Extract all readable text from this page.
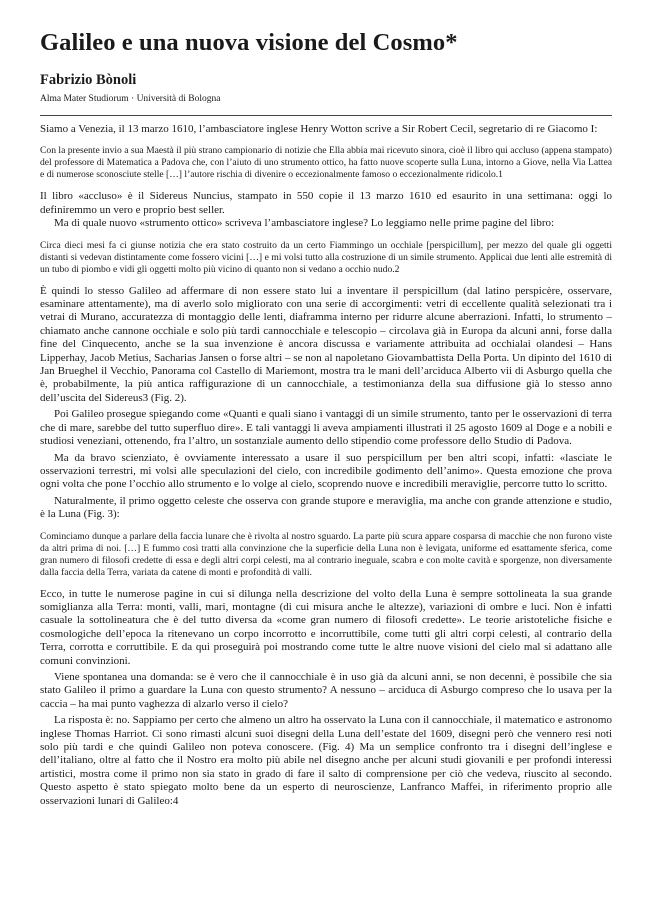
Galileo e una nuova visione del Cosmo*
Fabrizio Bònoli
Alma Mater Studiorum · Università di Bologna

Siamo a Venezia, il 13 marzo 1610, l’ambasciatore inglese Henry Wotton scrive a Sir Robert Cecil, segretario di re Giacomo I:

Con la presente invio a sua Maestà il più strano campionario di notizie che Ella abbia mai ricevuto sinora, cioè il libro qui accluso (appena stampato) del professore di Matematica a Padova che, con l’aiuto di uno strumento ottico, ha fatto nuove scoperte sulla Luna, intorno a Giove, nella Via Lattea e di numerose sconosciute stelle […] l’autore rischia di divenire o eccezionalmente famoso o eccezionalmente ridicolo.1

Il libro «accluso» è il Sidereus Nuncius, stampato in 550 copie il 13 marzo 1610 ed esaurito in una settimana: oggi lo definiremmo un vero e proprio best seller.

Ma di quale nuovo «strumento ottico» scriveva l’ambasciatore inglese? Lo leggiamo nelle prime pagine del libro:

Circa dieci mesi fa ci giunse notizia che era stato costruito da un certo Fiammingo un occhiale [perspicillum], per mezzo del quale gli oggetti distanti si vedevan distintamente come fossero vicini […] e mi volsi tutto alla costruzione di un simile strumento. Applicai due lenti alle estremità di un tubo di piombo e vidi gli oggetti molto più vicino di quanto non si vedano a occhio nudo.2

È quindi lo stesso Galileo ad affermare di non essere stato lui a inventare il perspicillum (dal latino perspicère, osservare, esaminare attentamente), ma di averlo solo migliorato con una serie di accorgimenti: vetri di eccellente qualità selezionati tra i vetrai di Murano, accuratezza di montaggio delle lenti, diaframma interno per ridurre alcune aberrazioni. Infatti, lo strumento – chiamato anche cannone occhiale e solo più tardi cannocchiale e telescopio – circolava già in Europa da alcuni anni, forse dalla fine del Cinquecento, anche se la sua invenzione è ancora discussa e variamente attribuita ad occhialai olandesi – Hans Lipperhay, Jacob Metius, Sacharias Jansen o forse altri – se non al napoletano Giovambattista Della Porta. Un dipinto del 1610 di Jan Brueghel il Vecchio, Panorama col Castello di Mariemont, mostra tra le mani dell’arciduca Alberto vii di Asburgo quella che è, probabilmente, la più antica raffigurazione di un cannocchiale, a testimonianza della sua diffusione già lo stesso anno dell’uscita del Sidereus3 (Fig. 2).

Poi Galileo prosegue spiegando come «Quanti e quali siano i vantaggi di un simile strumento, tanto per le osservazioni di terra che di mare, sarebbe del tutto superfluo dire». E tali vantaggi li aveva ampiamenti illustrati il 25 agosto 1609 al Doge e a nobili e studiosi veneziani, ottenendo, fra l’altro, un sostanziale aumento dello stipendio come professore dello Studio di Padova.

Ma da bravo scienziato, è ovviamente interessato a usare il suo perspicillum per ben altri scopi, infatti: «lasciate le osservazioni terrestri, mi volsi alle speculazioni del cielo, con incredibile godimento dell’animo». Questa emozione che prova ogni volta che pone l’occhio allo strumento e lo volge al cielo, scoprendo nuove e incredibili meraviglie, percorre tutto lo scritto.

Naturalmente, il primo oggetto celeste che osserva con grande stupore e meraviglia, ma anche con grande attenzione e studio, è la Luna (Fig. 3):

Cominciamo dunque a parlare della faccia lunare che è rivolta al nostro sguardo. La parte più scura appare cosparsa di macchie che non furono viste da altri prima di noi. […] E fummo così tratti alla convinzione che la superficie della Luna non è levigata, uniforme ed esattamente sferica, come gran numero di filosofi credette di essa e degli altri corpi celesti, ma al contrario ineguale, scabra e con molte cavità e sporgenze, non diversamente dalla faccia della Terra, variata da catene di monti e profondità di valli.

Ecco, in tutte le numerose pagine in cui si dilunga nella descrizione del volto della Luna è sempre sottolineata la sua grande somiglianza alla Terra: monti, valli, mari, montagne (di cui misura anche le altezze), variazioni di ombre e luci. Non è infatti casuale la sottolineatura che è del tutto diversa da «come gran numero di filosofi credette». Le teorie aristoteliche fisiche e cosmologiche dell’epoca la ritenevano un corpo incorrotto e incorruttibile, come tutti gli altri corpi celesti, al contrario della Terra, corrotta e corruttibile. E da qui proseguirà poi mostrando come tutte le altre nuove visioni del cielo mal si adattano alle comuni convinzioni.

Viene spontanea una domanda: se è vero che il cannocchiale è in uso già da alcuni anni, se non decenni, è possibile che sia stato Galileo il primo a guardare la Luna con questo strumento? A nessuno – arciduca di Asburgo compreso che lo usava per la caccia – ha mai punto vaghezza di alzarlo verso il cielo?

La risposta è: no. Sappiamo per certo che almeno un altro ha osservato la Luna con il cannocchiale, il matematico e astronomo inglese Thomas Harriot. Ci sono rimasti alcuni suoi disegni della Luna dell’estate del 1609, disegni però che vennero resi noti solo più tardi e che quindi Galileo non poteva conoscere. (Fig. 4) Ma un semplice confronto tra i disegni dell’inglese e dell’italiano, oltre al fatto che il Nostro era molto più abile nel disegno anche per alcuni studi giovanili e per profondi interessi artistici, mostra come il primo non sia stato in grado di fare il salto di comprensione per ciò che vedeva, riuscito al secondo. Questo aspetto è stato spiegato molto bene da un esperto di neuroscienze, Lanfranco Maffei, in riferimento proprio alle osservazioni lunari di Galileo:4
